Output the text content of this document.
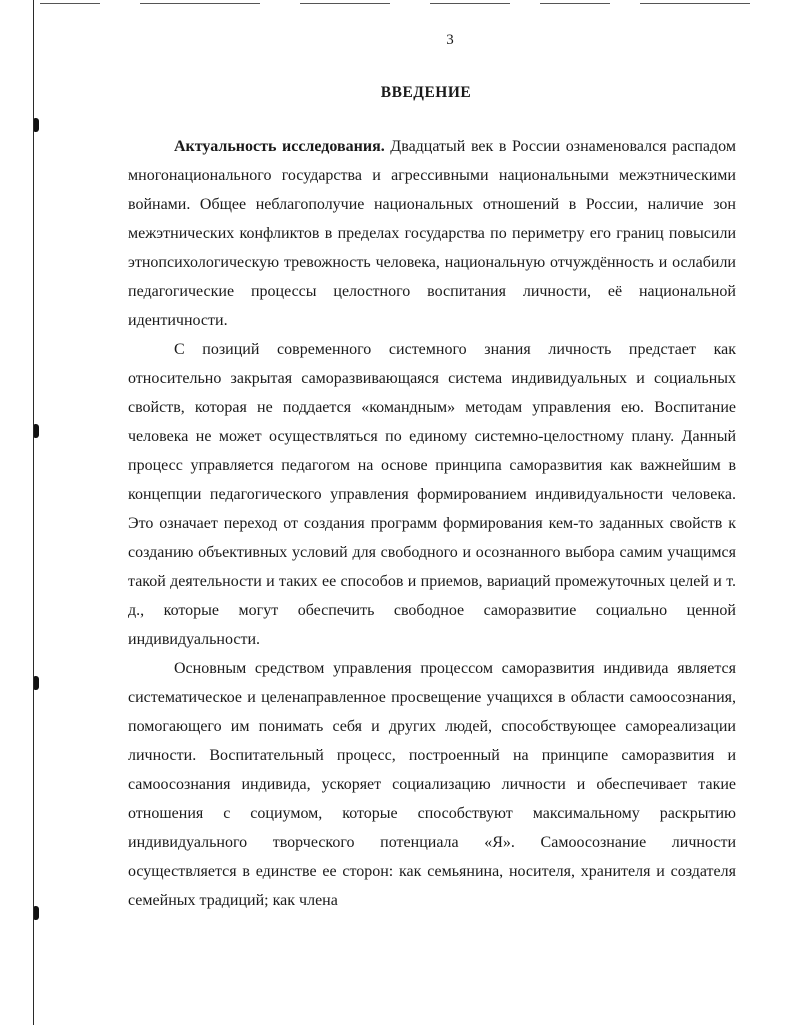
3
ВВЕДЕНИЕ

Актуальность исследования. Двадцатый век в России ознаменовался распадом многонационального государства и агрессивными национальными межэтническими войнами. Общее неблагополучие национальных отношений в России, наличие зон межэтнических конфликтов в пределах государства по периметру его границ повысили этнопсихологическую тревожность человека, национальную отчуждённость и ослабили педагогические процессы целостного воспитания личности, её национальной идентичности.

С позиций современного системного знания личность предстает как относительно закрытая саморазвивающаяся система индивидуальных и социальных свойств, которая не поддается «командным» методам управления ею. Воспитание человека не может осуществляться по единому системно-целостному плану. Данный процесс управляется педагогом на основе принципа саморазвития как важнейшим в концепции педагогического управления формированием индивидуальности человека. Это означает переход от создания программ формирования кем-то заданных свойств к созданию объективных условий для свободного и осознанного выбора самим учащимся такой деятельности и таких ее способов и приемов, вариаций промежуточных целей и т. д., которые могут обеспечить свободное саморазвитие социально ценной индивидуальности.

Основным средством управления процессом саморазвития индивида является систематическое и целенаправленное просвещение учащихся в области самоосознания, помогающего им понимать себя и других людей, способствующее самореализации личности. Воспитательный процесс, построенный на принципе саморазвития и самоосознания индивида, ускоряет социализацию личности и обеспечивает такие отношения с социумом, которые способствуют максимальному раскрытию индивидуального творческого потенциала «Я». Самоосознание личности осуществляется в единстве ее сторон: как семьянина, носителя, хранителя и создателя семейных традиций; как члена
